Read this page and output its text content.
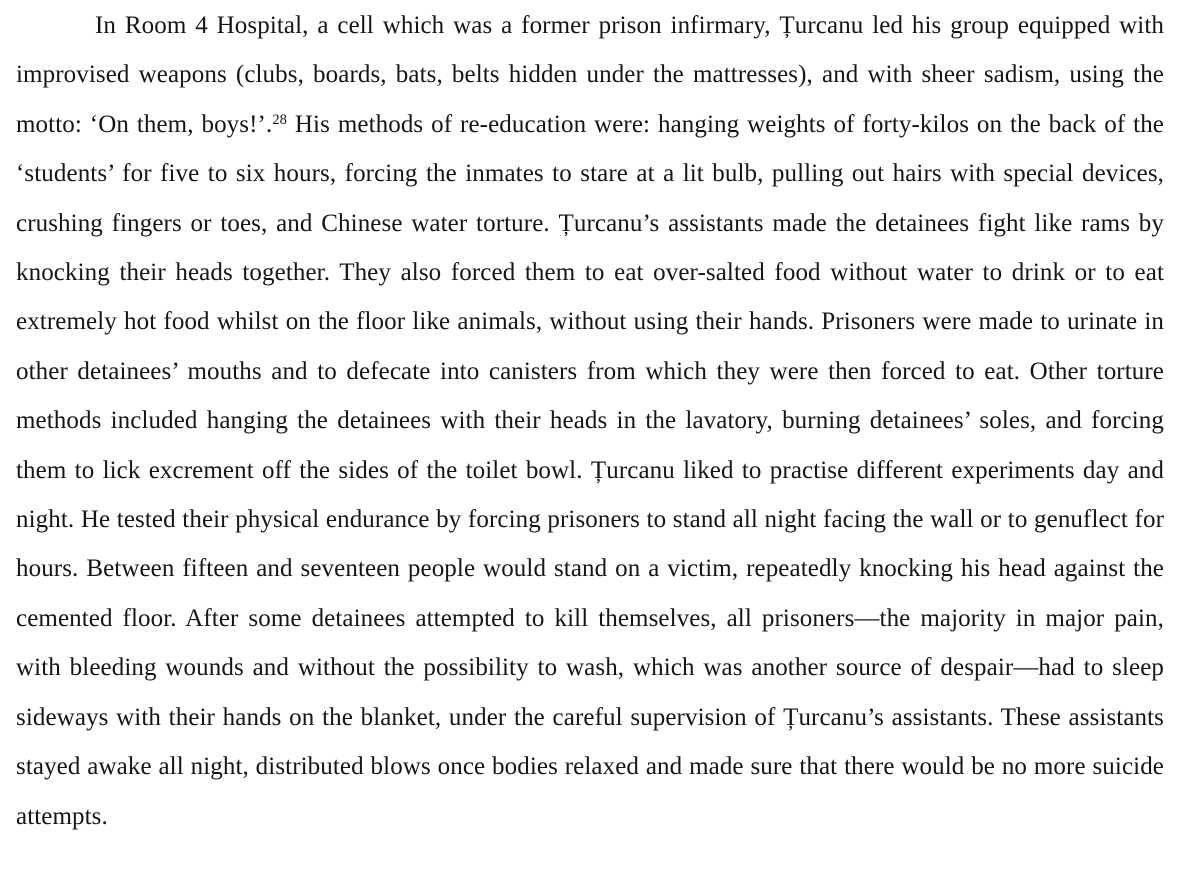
In Room 4 Hospital, a cell which was a former prison infirmary, Țurcanu led his group equipped with improvised weapons (clubs, boards, bats, belts hidden under the mattresses), and with sheer sadism, using the motto: ‘On them, boys!’.$^{28}$ His methods of re-education were: hanging weights of forty-kilos on the back of the ‘students’ for five to six hours, forcing the inmates to stare at a lit bulb, pulling out hairs with special devices, crushing fingers or toes, and Chinese water torture. Țurcanu’s assistants made the detainees fight like rams by knocking their heads together. They also forced them to eat over-salted food without water to drink or to eat extremely hot food whilst on the floor like animals, without using their hands. Prisoners were made to urinate in other detainees’ mouths and to defecate into canisters from which they were then forced to eat. Other torture methods included hanging the detainees with their heads in the lavatory, burning detainees’ soles, and forcing them to lick excrement off the sides of the toilet bowl. Țurcanu liked to practise different experiments day and night. He tested their physical endurance by forcing prisoners to stand all night facing the wall or to genuflect for hours. Between fifteen and seventeen people would stand on a victim, repeatedly knocking his head against the cemented floor. After some detainees attempted to kill themselves, all prisoners—the majority in major pain, with bleeding wounds and without the possibility to wash, which was another source of despair—had to sleep sideways with their hands on the blanket, under the careful supervision of Țurcanu’s assistants. These assistants stayed awake all night, distributed blows once bodies relaxed and made sure that there would be no more suicide attempts.
